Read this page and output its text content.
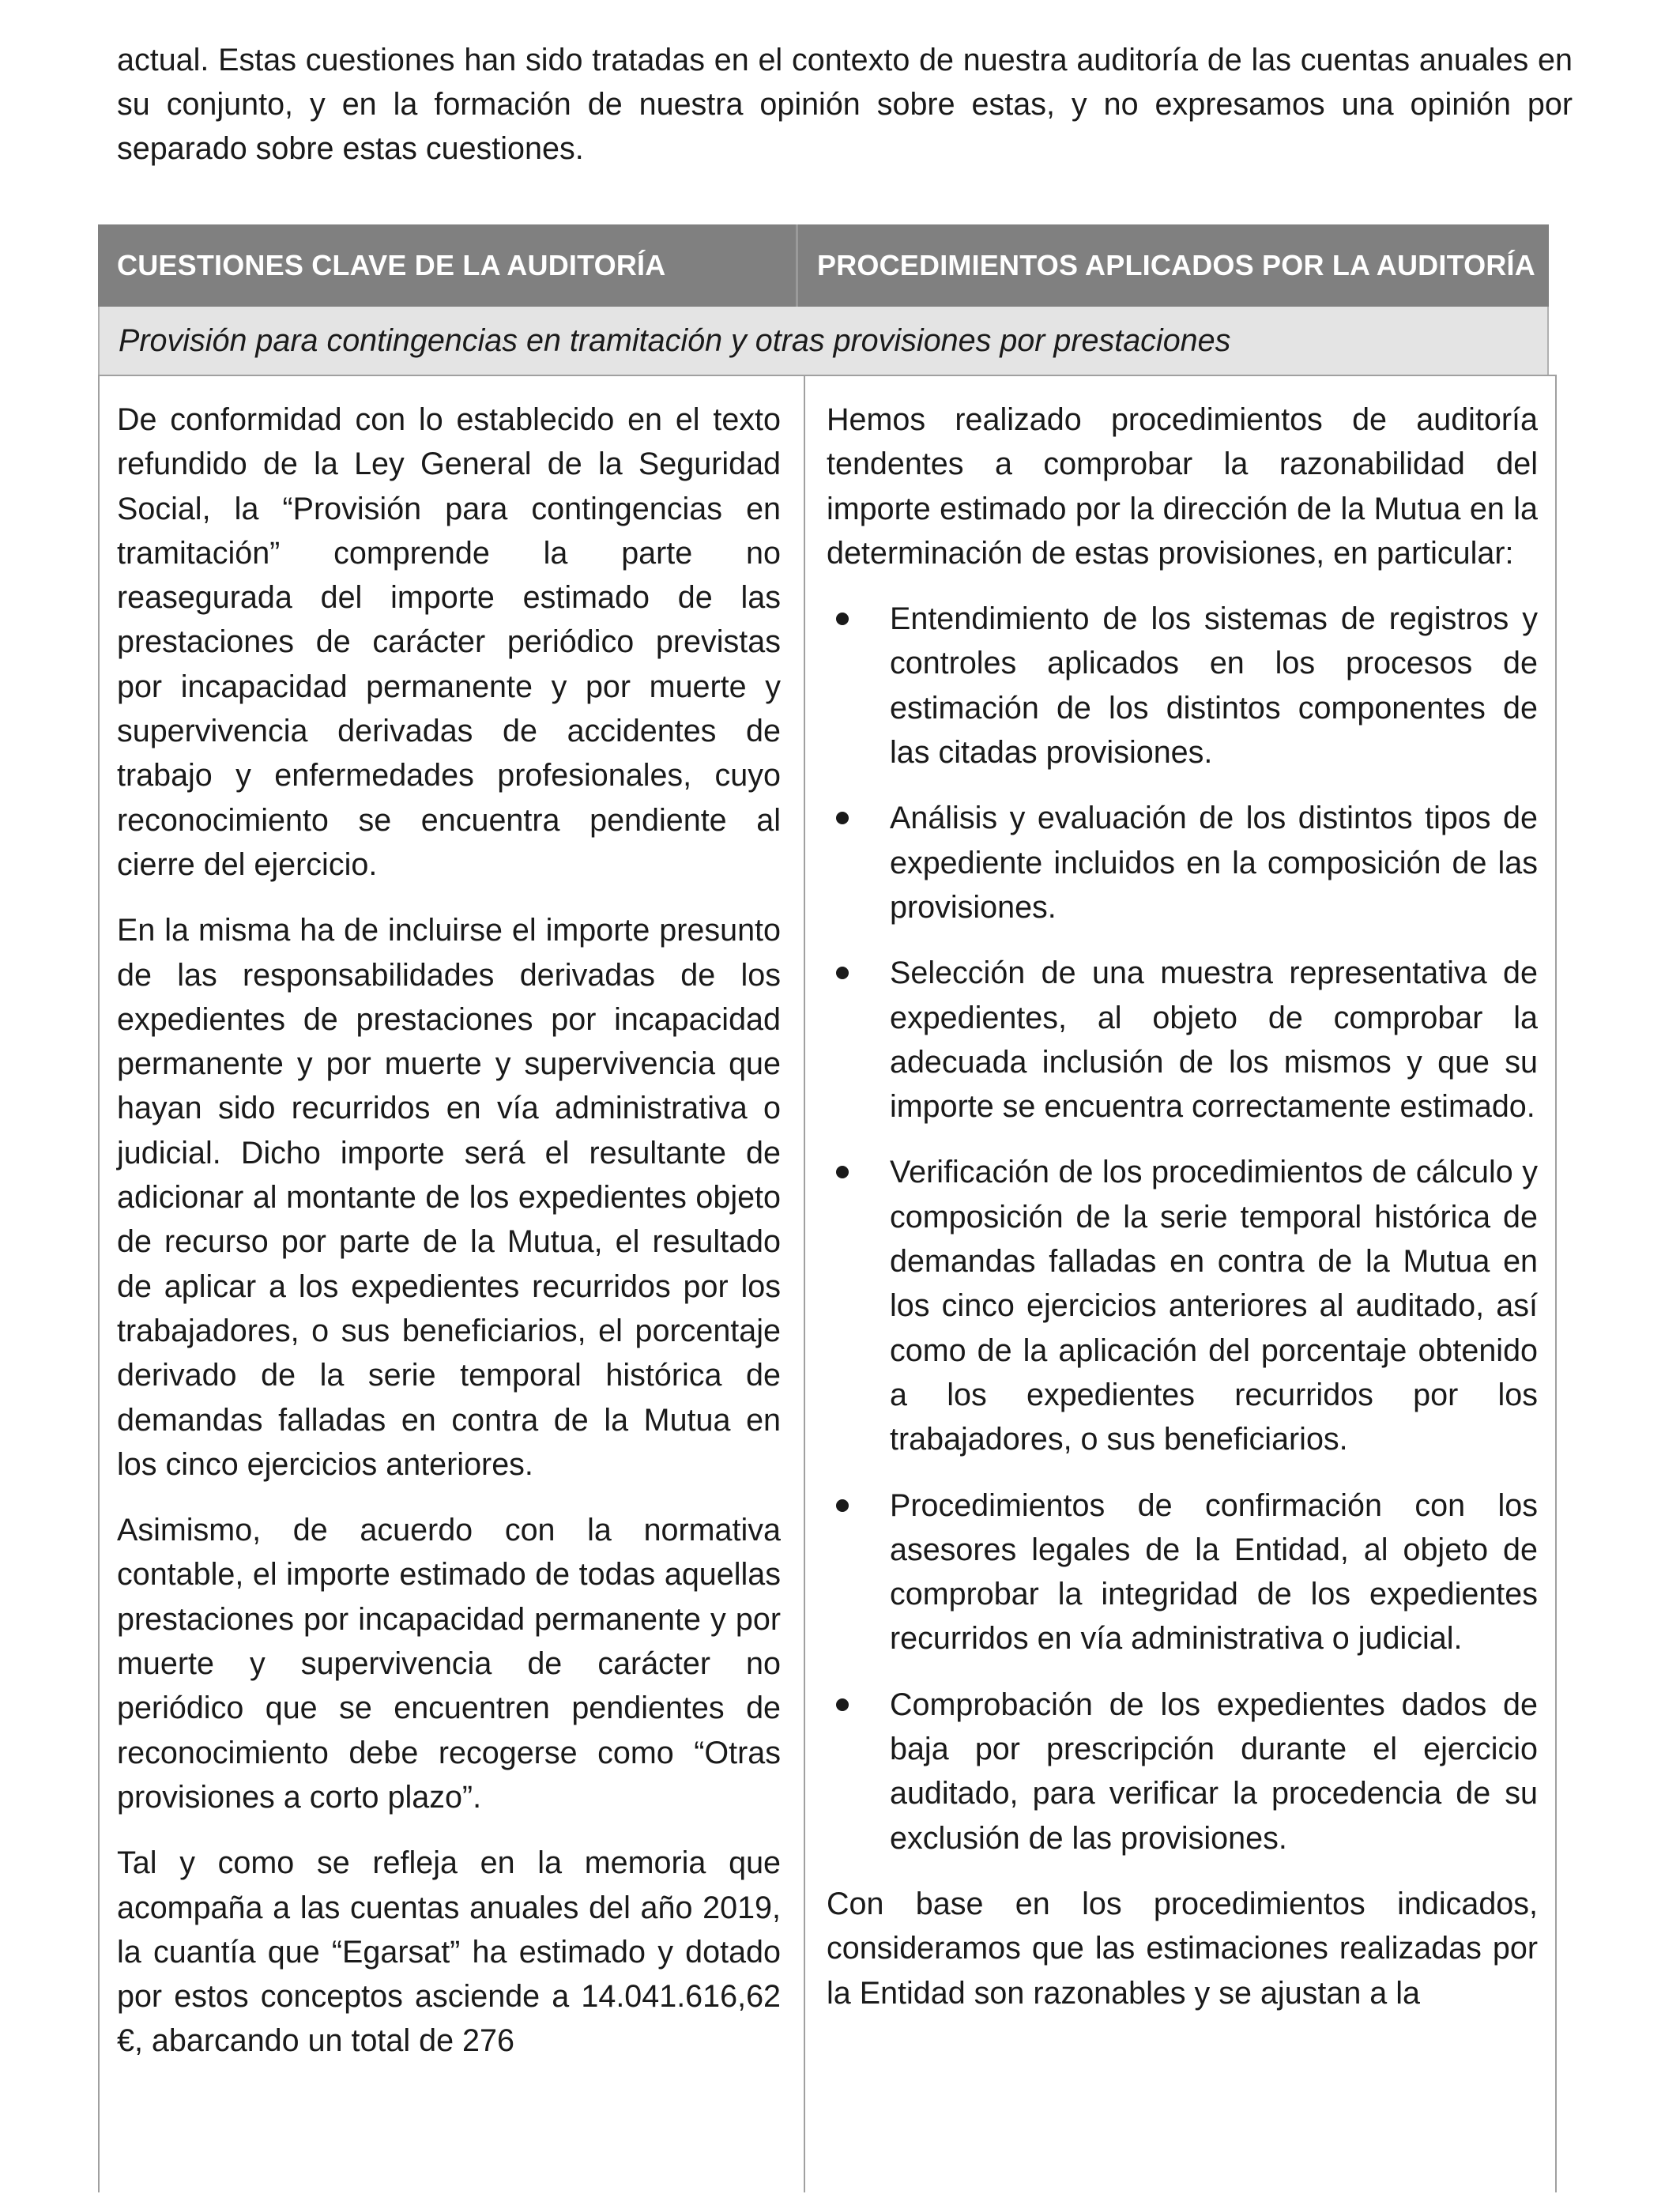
actual. Estas cuestiones han sido tratadas en el contexto de nuestra auditoría de las cuentas anuales en su conjunto, y en la formación de nuestra opinión sobre estas, y no expresamos una opinión por separado sobre estas cuestiones.

CUESTIONES CLAVE DE LA AUDITORÍA	PROCEDIMIENTOS APLICADOS POR LA AUDITORÍA
Provisión para contingencias en tramitación y otras provisiones por prestaciones

De conformidad con lo establecido en el texto refundido de la Ley General de la Seguridad Social, la “Provisión para contingencias en tramitación” comprende la parte no reasegurada del importe estimado de las prestaciones de carácter periódico previstas por incapacidad permanente y por muerte y supervivencia derivadas de accidentes de trabajo y enfermedades profesionales, cuyo reconocimiento se encuentra pendiente al cierre del ejercicio.

En la misma ha de incluirse el importe presunto de las responsabilidades derivadas de los expedientes de prestaciones por incapacidad permanente y por muerte y supervivencia que hayan sido recurridos en vía administrativa o judicial. Dicho importe será el resultante de adicionar al montante de los expedientes objeto de recurso por parte de la Mutua, el resultado de aplicar a los expedientes recurridos por los trabajadores, o sus beneficiarios, el porcentaje derivado de la serie temporal histórica de demandas falladas en contra de la Mutua en los cinco ejercicios anteriores.

Asimismo, de acuerdo con la normativa contable, el importe estimado de todas aquellas prestaciones por incapacidad permanente y por muerte y supervivencia de carácter no periódico que se encuentren pendientes de reconocimiento debe recogerse como “Otras provisiones a corto plazo”.

Tal y como se refleja en la memoria que acompaña a las cuentas anuales del año 2019, la cuantía que “Egarsat” ha estimado y dotado por estos conceptos asciende a 14.041.616,62 €, abarcando un total de 276

Hemos realizado procedimientos de auditoría tendentes a comprobar la razonabilidad del importe estimado por la dirección de la Mutua en la determinación de estas provisiones, en particular:

Entendimiento de los sistemas de registros y controles aplicados en los procesos de estimación de los distintos componentes de las citadas provisiones.
Análisis y evaluación de los distintos tipos de expediente incluidos en la composición de las provisiones.
Selección de una muestra representativa de expedientes, al objeto de comprobar la adecuada inclusión de los mismos y que su importe se encuentra correctamente estimado.
Verificación de los procedimientos de cálculo y composición de la serie temporal histórica de demandas falladas en contra de la Mutua en los cinco ejercicios anteriores al auditado, así como de la aplicación del porcentaje obtenido a los expedientes recurridos por los trabajadores, o sus beneficiarios.
Procedimientos de confirmación con los asesores legales de la Entidad, al objeto de comprobar la integridad de los expedientes recurridos en vía administrativa o judicial.
Comprobación de los expedientes dados de baja por prescripción durante el ejercicio auditado, para verificar la procedencia de su exclusión de las provisiones.

Con base en los procedimientos indicados, consideramos que las estimaciones realizadas por la Entidad son razonables y se ajustan a la
